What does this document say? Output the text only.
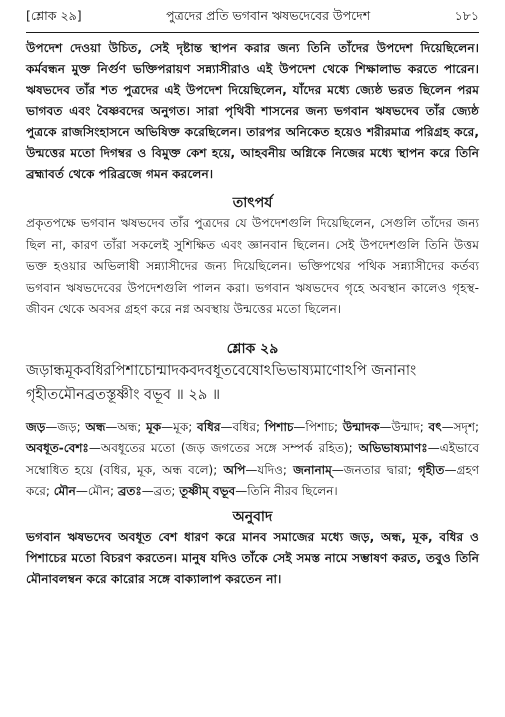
[শ্লোক ২৯]	পুত্রদের প্রতি ভগবান ঋষভদেবের উপদেশ	১৮১

উপদেশ দেওয়া উচিত, সেই দৃষ্টান্ত স্থাপন করার জন্য তিনি তাঁদের উপদেশ দিয়েছিলেন। কর্মবন্ধন মুক্ত নির্গুণ ভক্তিপরায়ণ সন্ন্যাসীরাও এই উপদেশ থেকে শিক্ষালাভ করতে পারেন। ঋষভদেব তাঁর শত পুত্রদের এই উপদেশ দিয়েছিলেন, যাঁদের মধ্যে জ্যেষ্ঠ ভরত ছিলেন পরম ভাগবত এবং বৈষ্ণবদের অনুগত। সারা পৃথিবী শাসনের জন্য ভগবান ঋষভদেব তাঁর জ্যেষ্ঠ পুত্রকে রাজসিংহাসনে অভিষিক্ত করেছিলেন। তারপর অনিকেত হয়েও শরীরমাত্র পরিগ্রহ করে, উন্মত্তের মতো দিগম্বর ও বিমুক্ত কেশ হয়ে, আহবনীয় অগ্নিকে নিজের মধ্যে স্থাপন করে তিনি ব্রহ্মাবর্ত থেকে পরিব্রজে গমন করলেন।

তাৎপর্য

প্রকৃতপক্ষে ভগবান ঋষভদেব তাঁর পুত্রদের যে উপদেশগুলি দিয়েছিলেন, সেগুলি তাঁদের জন্য ছিল না, কারণ তাঁরা সকলেই সুশিক্ষিত এবং জ্ঞানবান ছিলেন। সেই উপদেশগুলি তিনি উত্তম ভক্ত হওয়ার অভিলাষী সন্ন্যাসীদের জন্য দিয়েছিলেন। ভক্তিপথের পথিক সন্ন্যাসীদের কর্তব্য ভগবান ঋষভদেবের উপদেশগুলি পালন করা। ভগবান ঋষভদেব গৃহে অবস্থান কালেও গৃহস্থ-জীবন থেকে অবসর গ্রহণ করে নগ্ন অবস্থায় উন্মত্তের মতো ছিলেন।

শ্লোক ২৯
জড়ান্ধমূকবধিরপিশাচোন্মাদকবদবধূতবেষোঽভিভাষ্যমাণোঽপি জনানাং
গৃহীতমৌনব্রতস্তূষ্ণীং বভূব ॥ ২৯ ॥

জড়—জড়; অন্ধ—অন্ধ; মূক—মূক; বধির—বধির; পিশাচ—পিশাচ; উন্মাদক—উন্মাদ; বৎ—সদৃশ; অবধূত-বেশঃ—অবধূতের মতো (জড় জগতের সঙ্গে সম্পর্ক রহিত); অভিভাষ্যমাণঃ—এইভাবে সম্বোধিত হয়ে (বধির, মূক, অন্ধ বলে); অপি—যদিও; জনানাম্—জনতার দ্বারা; গৃহীত—গ্রহণ করে; মৌন—মৌন; ব্রতঃ—ব্রত; তূষ্ণীম্ বভূব—তিনি নীরব ছিলেন।

অনুবাদ

ভগবান ঋষভদেব অবধূত বেশ ধারণ করে মানব সমাজের মধ্যে জড়, অন্ধ, মূক, বধির ও পিশাচের মতো বিচরণ করতেন। মানুষ যদিও তাঁকে সেই সমস্ত নামে সম্ভাষণ করত, তবুও তিনি মৌনাবলম্বন করে কারোর সঙ্গে বাক্যালাপ করতেন না।
